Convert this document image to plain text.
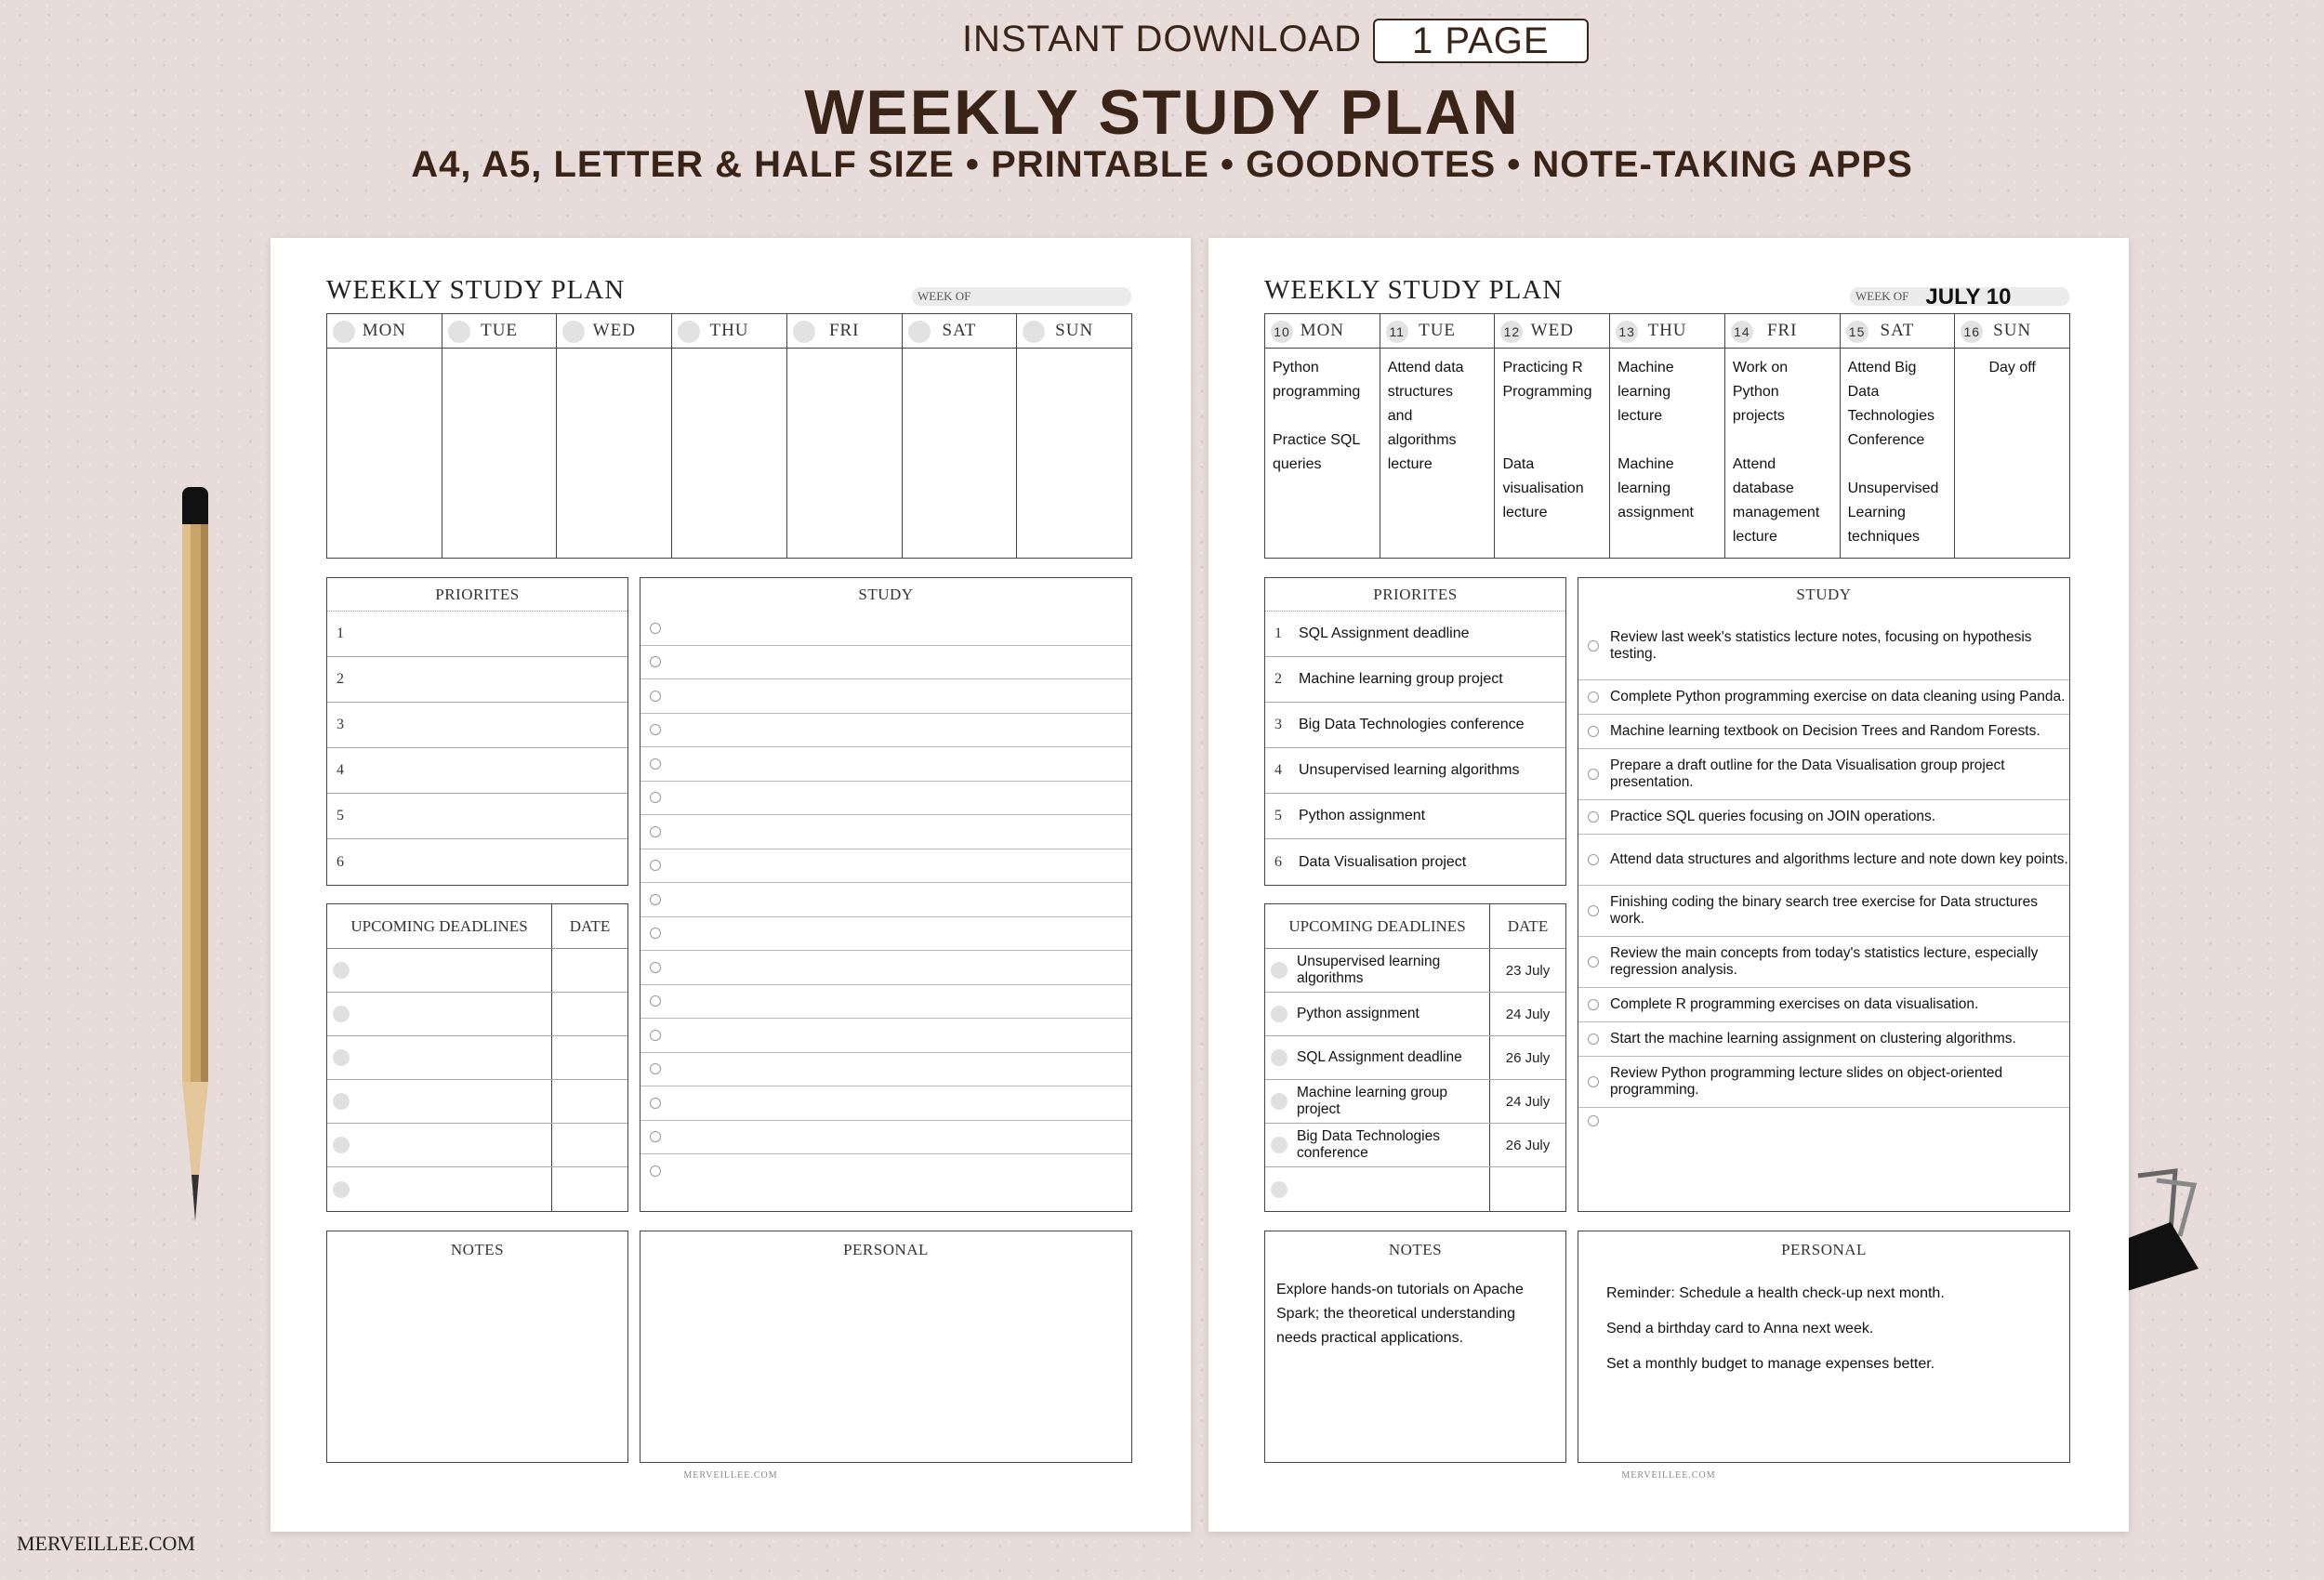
INSTANT DOWNLOAD	1 PAGE
WEEKLY STUDY PLAN
A4, A5, LETTER & HALF SIZE • PRINTABLE • GOODNOTES • NOTE-TAKING APPS
WEEKLY STUDY PLAN	WEEK OF
MON	TUE	WED	THU	FRI	SAT	SUN
PRIORITES
1
2
3
4
5
6
STUDY
UPCOMING DEADLINES	DATE
NOTES	PERSONAL
MERVEILLEE.COM
WEEKLY STUDY PLAN	WEEK OF JULY 10
10 MON
Python
programming

Practice SQL
queries
11 TUE
Attend data
structures
and
algorithms
lecture
12 WED
Practicing R
Programming

Data
visualisation
lecture
13 THU
Machine
learning lecture

Machine learning
assignment
14 FRI
Work on Python
projects

Attend database
management
lecture
15 SAT
Attend Big Data
Technologies
Conference

Unsupervised
Learning
techniques
16 SUN
Day off
PRIORITES
1 SQL Assignment deadline
2 Machine learning group project
3 Big Data Technologies conference
4 Unsupervised learning algorithms
5 Python assignment
6 Data Visualisation project
STUDY
Review last week's statistics lecture notes, focusing on hypothesis testing.
Complete Python programming exercise on data cleaning using Panda.
Machine learning textbook on Decision Trees and Random Forests.
Prepare a draft outline for the Data Visualisation group project presentation.
Practice SQL queries focusing on JOIN operations.
Attend data structures and algorithms lecture and note down key points.
Finishing coding the binary search tree exercise for Data structures work.
Review the main concepts from today's statistics lecture, especially regression analysis.
Complete R programming exercises on data visualisation.
Start the machine learning assignment on clustering algorithms.
Review Python programming lecture slides on object-oriented programming.
UPCOMING DEADLINES	DATE
Unsupervised learning algorithms	23 July
Python assignment	24 July
SQL Assignment deadline	26 July
Machine learning group project	24 July
Big Data Technologies conference	26 July
NOTES
Explore hands-on tutorials on Apache Spark; the theoretical understanding needs practical applications.
PERSONAL
Reminder: Schedule a health check-up next month.
Send a birthday card to Anna next week.
Set a monthly budget to manage expenses better.
MERVEILLEE.COM
MERVEILLEE.COM
